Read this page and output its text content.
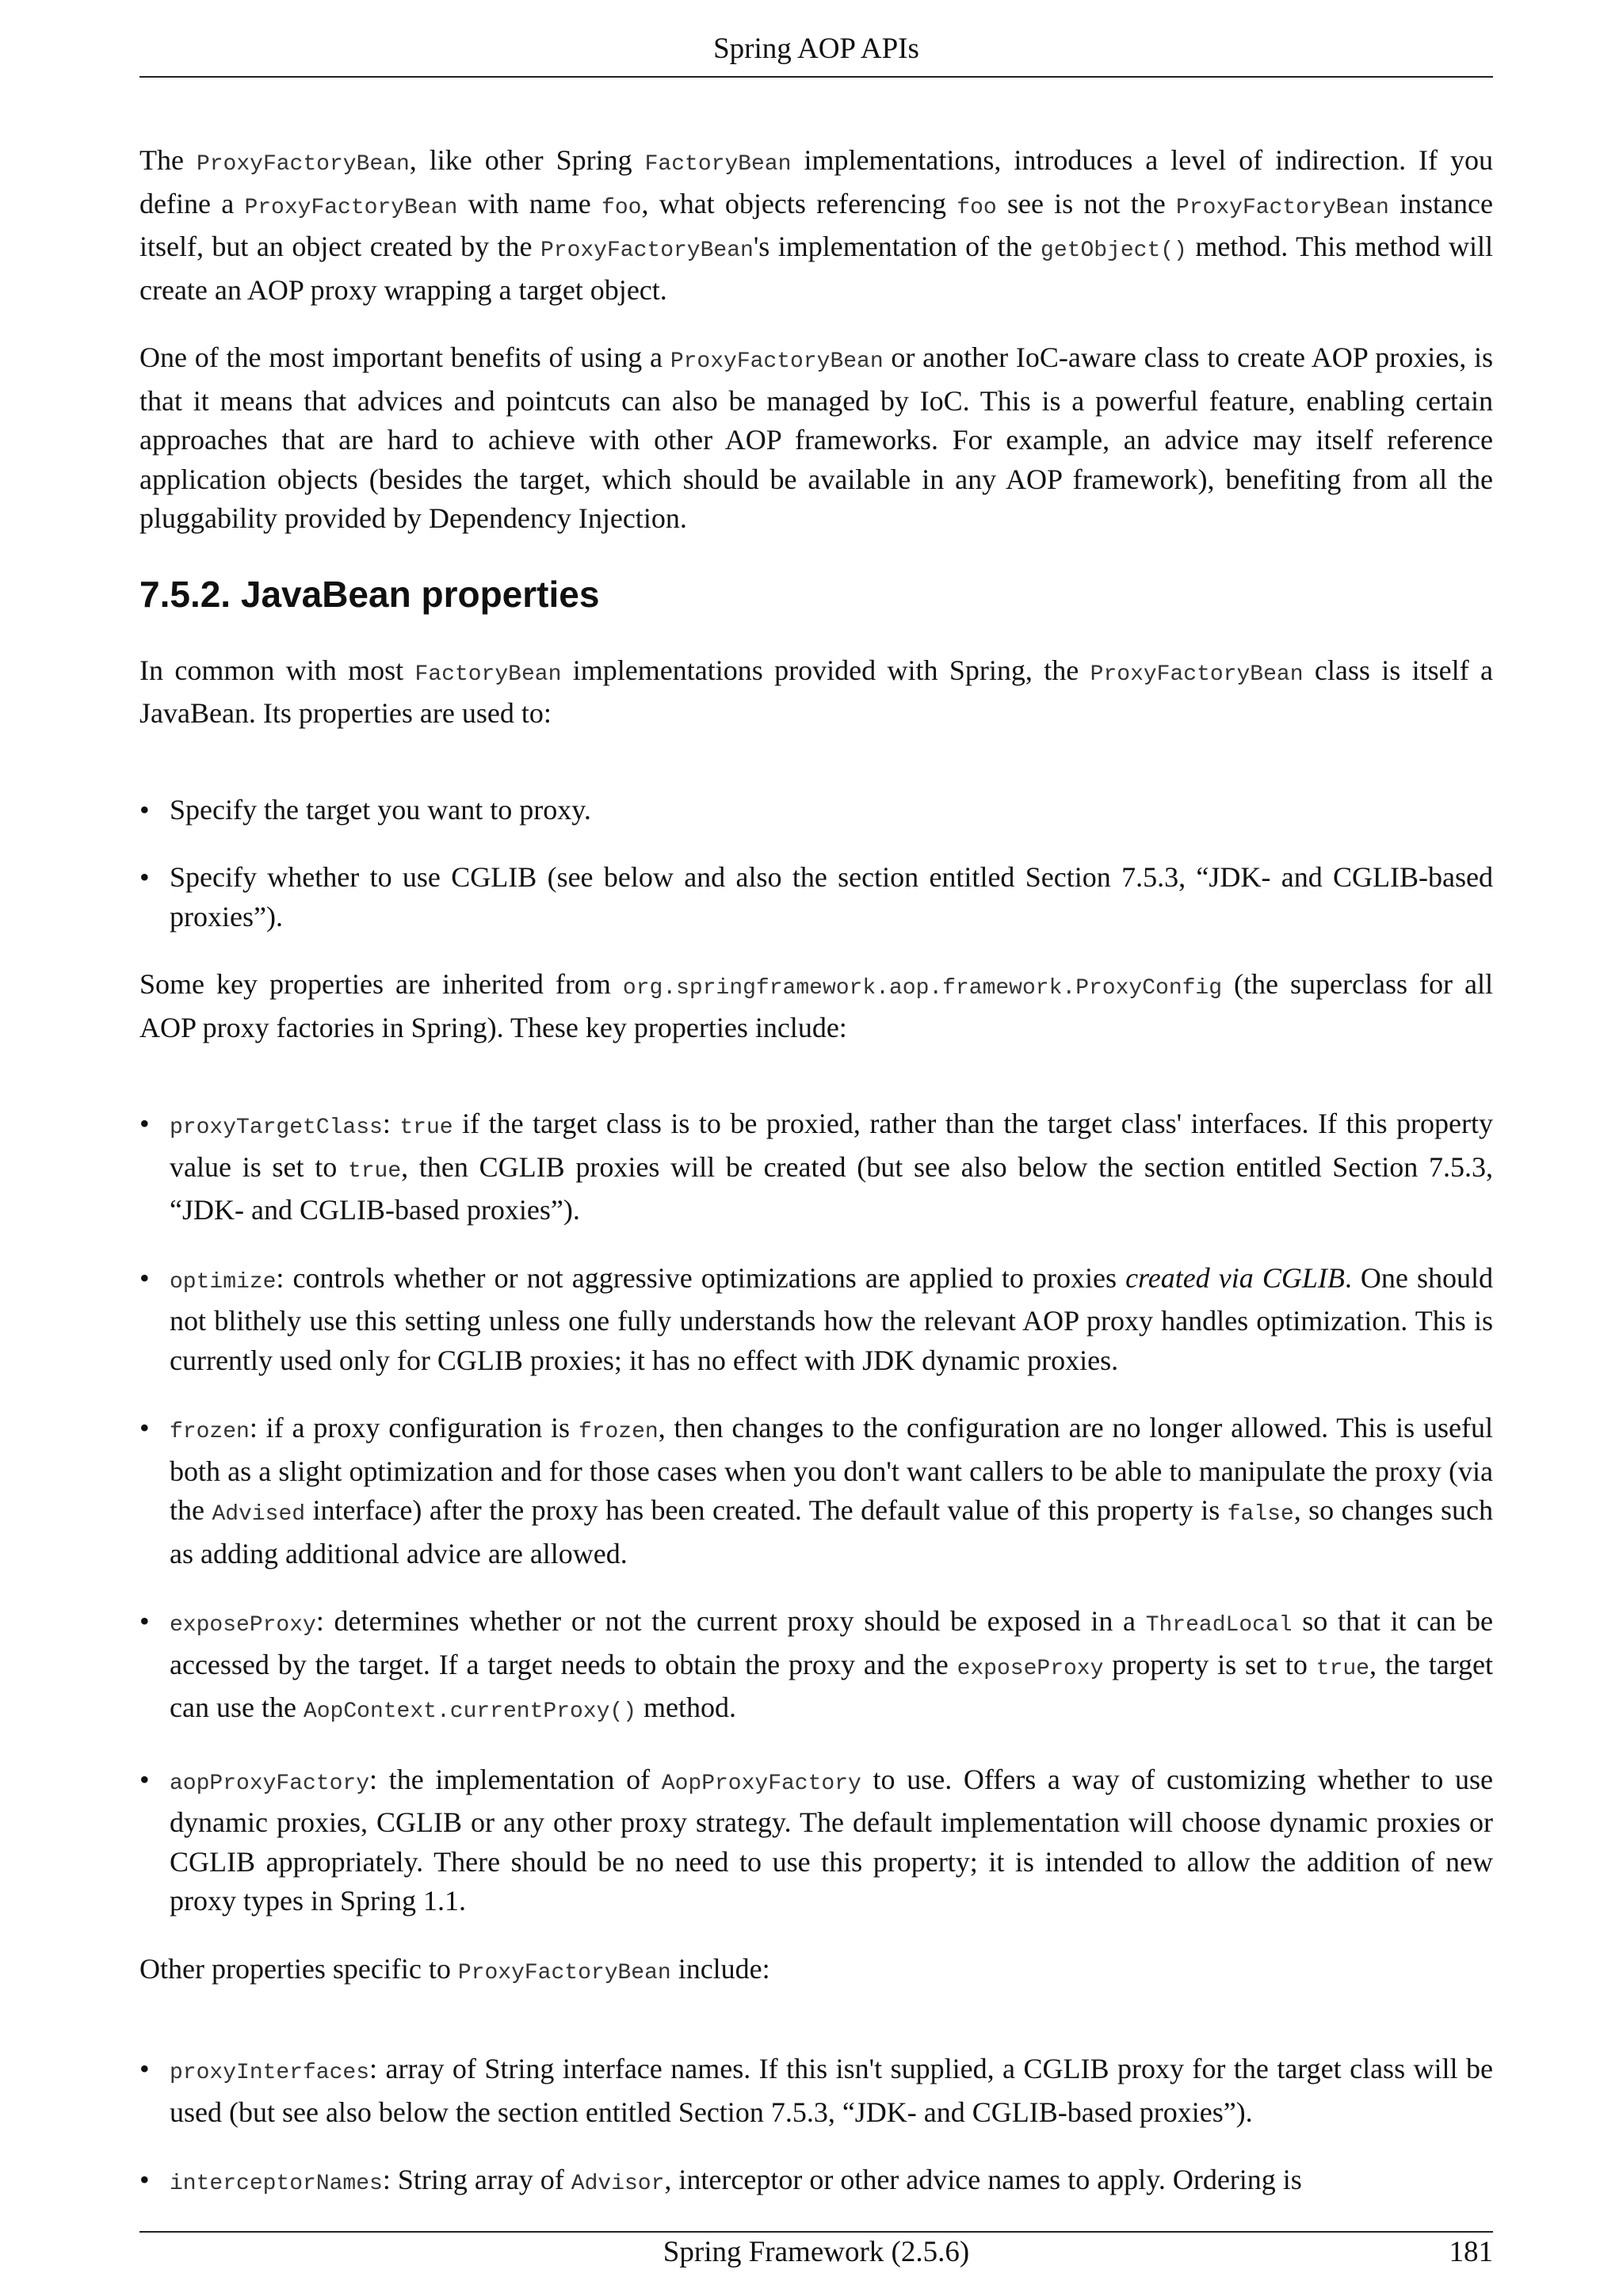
Spring AOP APIs

The ProxyFactoryBean, like other Spring FactoryBean implementations, introduces a level of indirection. If you define a ProxyFactoryBean with name foo, what objects referencing foo see is not the ProxyFactoryBean instance itself, but an object created by the ProxyFactoryBean's implementation of the getObject() method. This method will create an AOP proxy wrapping a target object.

One of the most important benefits of using a ProxyFactoryBean or another IoC-aware class to create AOP proxies, is that it means that advices and pointcuts can also be managed by IoC. This is a powerful feature, enabling certain approaches that are hard to achieve with other AOP frameworks. For example, an advice may itself reference application objects (besides the target, which should be available in any AOP framework), benefiting from all the pluggability provided by Dependency Injection.

7.5.2. JavaBean properties

In common with most FactoryBean implementations provided with Spring, the ProxyFactoryBean class is itself a JavaBean. Its properties are used to:

• Specify the target you want to proxy.
• Specify whether to use CGLIB (see below and also the section entitled Section 7.5.3, “JDK- and CGLIB-based proxies”).

Some key properties are inherited from org.springframework.aop.framework.ProxyConfig (the superclass for all AOP proxy factories in Spring). These key properties include:

• proxyTargetClass: true if the target class is to be proxied, rather than the target class' interfaces. If this property value is set to true, then CGLIB proxies will be created (but see also below the section entitled Section 7.5.3, “JDK- and CGLIB-based proxies”).
• optimize: controls whether or not aggressive optimizations are applied to proxies created via CGLIB. One should not blithely use this setting unless one fully understands how the relevant AOP proxy handles optimization. This is currently used only for CGLIB proxies; it has no effect with JDK dynamic proxies.
• frozen: if a proxy configuration is frozen, then changes to the configuration are no longer allowed. This is useful both as a slight optimization and for those cases when you don't want callers to be able to manipulate the proxy (via the Advised interface) after the proxy has been created. The default value of this property is false, so changes such as adding additional advice are allowed.
• exposeProxy: determines whether or not the current proxy should be exposed in a ThreadLocal so that it can be accessed by the target. If a target needs to obtain the proxy and the exposeProxy property is set to true, the target can use the AopContext.currentProxy() method.
• aopProxyFactory: the implementation of AopProxyFactory to use. Offers a way of customizing whether to use dynamic proxies, CGLIB or any other proxy strategy. The default implementation will choose dynamic proxies or CGLIB appropriately. There should be no need to use this property; it is intended to allow the addition of new proxy types in Spring 1.1.

Other properties specific to ProxyFactoryBean include:

• proxyInterfaces: array of String interface names. If this isn't supplied, a CGLIB proxy for the target class will be used (but see also below the section entitled Section 7.5.3, “JDK- and CGLIB-based proxies”).
• interceptorNames: String array of Advisor, interceptor or other advice names to apply. Ordering is
Spring Framework (2.5.6)	181
